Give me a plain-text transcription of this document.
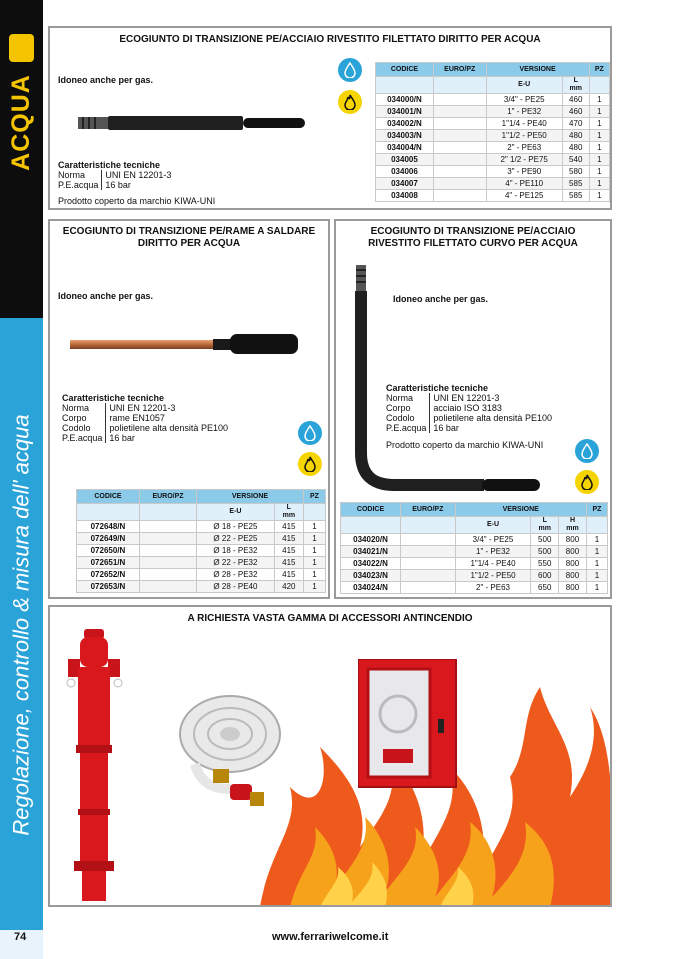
ACQUA
Regolazione, controllo & misura dell' acqua
ECOGIUNTO DI TRANSIZIONE PE/ACCIAIO RIVESTITO FILETTATO DIRITTO PER ACQUA
Idoneo anche per gas.
Caratteristiche tecniche
Norma	UNI EN 12201-3
P.E.acqua	16 bar
Prodotto coperto da marchio KIWA-UNI
CODICE	EURO/PZ	VERSIONE		PZ
		E-U	L
mm	
034000/N		3/4" - PE25	460	1
034001/N		1" - PE32	460	1
034002/N		1"1/4 - PE40	470	1
034003/N		1"1/2 - PE50	480	1
034004/N		2" - PE63	480	1
034005		2" 1/2 - PE75	540	1
034006		3" - PE90	580	1
034007		4" - PE110	585	1
034008		4" - PE125	585	1
ECOGIUNTO DI TRANSIZIONE PE/RAME A SALDARE
DIRITTO PER ACQUA
Idoneo anche per gas.
Caratteristiche tecniche
Norma	UNI EN 12201-3
Corpo	rame EN1057
Codolo	polietilene alta densità PE100
P.E.acqua	16 bar
CODICE	EURO/PZ	VERSIONE		PZ
		E-U	L
mm	
072648/N		Ø 18 - PE25	415	1
072649/N		Ø 22 - PE25	415	1
072650/N		Ø 18 - PE32	415	1
072651/N		Ø 22 - PE32	415	1
072652/N		Ø 28 - PE32	415	1
072653/N		Ø 28 - PE40	420	1
ECOGIUNTO DI TRANSIZIONE PE/ACCIAIO
RIVESTITO FILETTATO CURVO PER ACQUA
Idoneo anche per gas.
Caratteristiche tecniche
Norma	UNI EN 12201-3
Corpo	acciaio ISO 3183
Codolo	polietilene alta densità PE100
P.E.acqua	16 bar
Prodotto coperto da marchio KIWA-UNI
CODICE	EURO/PZ	VERSIONE			PZ
		E-U	L
mm	H
mm	
034020/N		3/4" - PE25	500	800	1
034021/N		1" - PE32	500	800	1
034022/N		1"1/4 - PE40	550	800	1
034023/N		1"1/2 - PE50	600	800	1
034024/N		2" - PE63	650	800	1
A RICHIESTA VASTA GAMMA DI ACCESSORI ANTINCENDIO
74	www.ferrariwelcome.it
